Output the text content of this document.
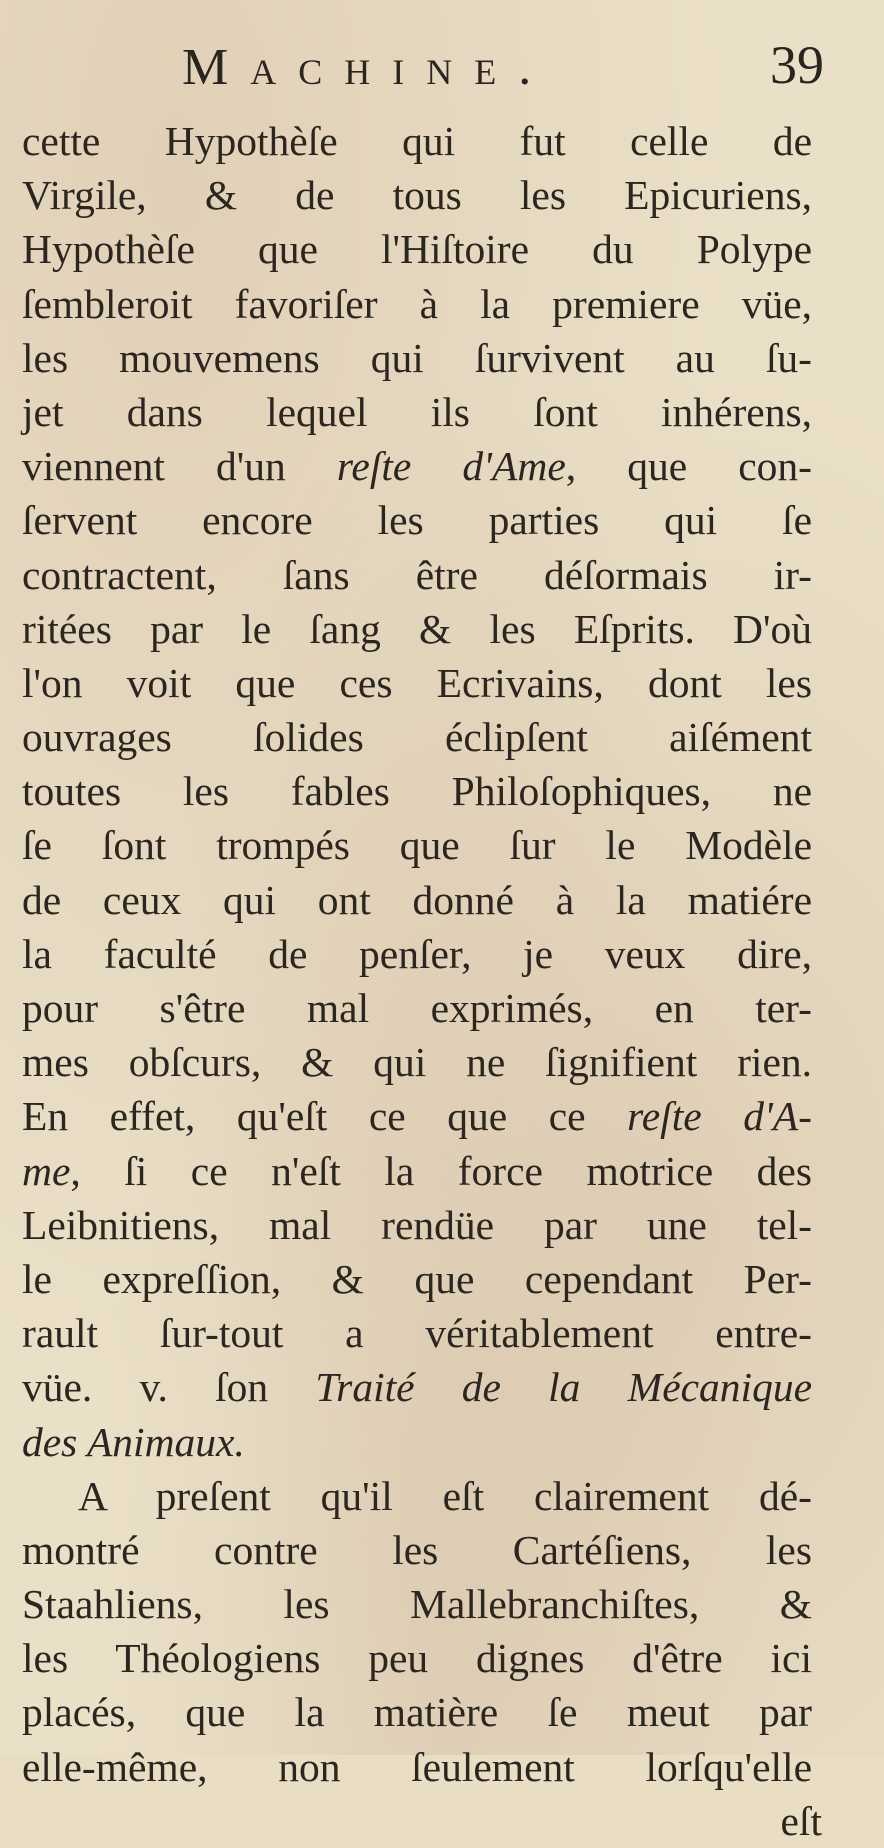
Machine.	39
cette Hypothèſe qui fut celle de
Virgile, & de tous les Epicuriens,
Hypothèſe que l'Hiſtoire du Polype
ſembleroit favoriſer à la premiere vüe,
les mouvemens qui ſurvivent au ſu-
jet dans lequel ils ſont inhérens,
viennent d'un reſte d'Ame, que con-
ſervent encore les parties qui ſe
contractent, ſans être déſormais ir-
ritées par le ſang & les Eſprits. D'où
l'on voit que ces Ecrivains, dont les
ouvrages ſolides éclipſent aiſément
toutes les fables Philoſophiques, ne
ſe ſont trompés que ſur le Modèle
de ceux qui ont donné à la matiére
la faculté de penſer, je veux dire,
pour s'être mal exprimés, en ter-
mes obſcurs, & qui ne ſignifient rien.
En effet, qu'eſt ce que ce reſte d'A-
me, ſi ce n'eſt la force motrice des
Leibnitiens, mal rendüe par une tel-
le expreſſion, & que cependant Per-
rault ſur-tout a véritablement entre-
vüe. v. ſon Traité de la Mécanique
des Animaux.
A preſent qu'il eſt clairement dé-
montré contre les Cartéſiens, les
Staahliens, les Mallebranchiſtes, &
les Théologiens peu dignes d'être ici
placés, que la matière ſe meut par
elle-même, non ſeulement lorſqu'elle
eſt
